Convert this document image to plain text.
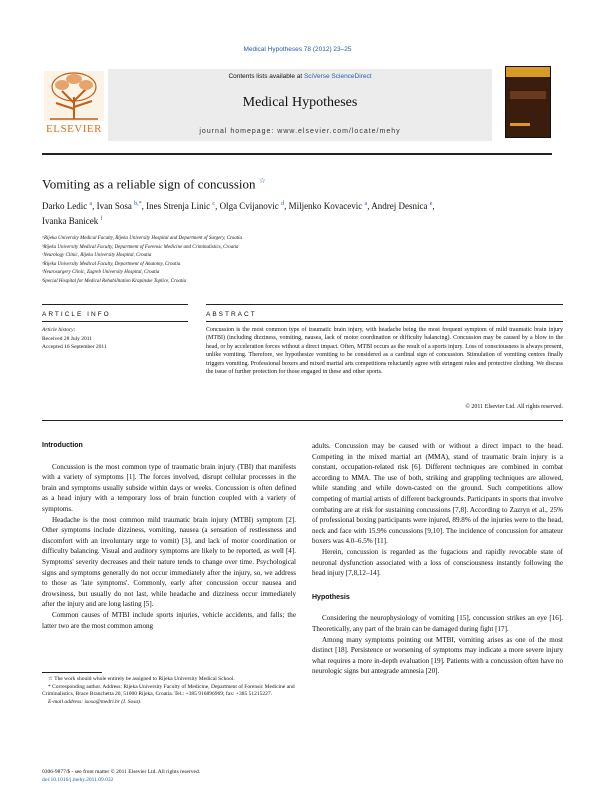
Medical Hypotheses 78 (2012) 23–25
ELSEVIER
Contents lists available at SciVerse ScienceDirect
Medical Hypotheses
journal homepage: www.elsevier.com/locate/mehy
Vomiting as a reliable sign of concussion ☆
Darko Ledic $^a$, Ivan Sosa $^{b,*}$, Ines Strenja Linic $^c$, Olga Cvijanovic $^d$, Miljenko Kovacevic $^a$, Andrej Desnica $^e$,
Ivanka Banicek $^f$
ᵃRijeka University Medical Faculty, Rijeka University Hospital and Department of Surgery, Croatia
ᵇRijeka University Medical Faculty, Department of Forensic Medicine and Criminalistics, Croatia
ᶜNeurology Clinic, Rijeka University Hospital, Croatia
ᵈRijeka University Medical Faculty, Department of Anatomy, Croatia
ᵉNeurosurgery Clinic, Zagreb University Hospital, Croatia
ᶠSpecial Hospital for Medical Rehabilitation Krapinske Toplice, Croatia
ARTICLE INFO	ABSTRACT
Article history:
Received 28 July 2011
Accepted 16 September 2011
Concussion is the most common type of traumatic brain injury, with headache being the most frequent symptom of mild traumatic brain injury (MTBI) (including dizziness, vomiting, nausea, lack of motor coordination or difficulty balancing). Concussion may be caused by a blow to the head, or by acceleration forces without a direct impact. Often, MTBI occurs as the result of a sports injury. Loss of consciousness is always present, unlike vomiting. Therefore, we hypothesize vomiting to be considered as a cardinal sign of concussion. Stimulation of vomiting centres finally triggers vomiting. Professional boxers and mixed martial arts competitions reluctantly agree with stringent rules and protective clothing. We discuss the issue of further protection for those engaged in these and other sports.
© 2011 Elsevier Ltd. All rights reserved.

Introduction

Concussion is the most common type of traumatic brain injury (TBI) that manifests with a variety of symptoms [1]. The forces involved, disrupt cellular processes in the brain and symptoms usually subside within days or weeks. Concussion is often defined as a head injury with a temporary loss of brain function coupled with a variety of symptoms.

Headache is the most common mild traumatic brain injury (MTBI) symptom [2]. Other symptoms include dizziness, vomiting, nausea (a sensation of restlessness and discomfort with an involuntary urge to vomit) [3], and lack of motor coordination or difficulty balancing. Visual and auditory symptoms are likely to be reported, as well [4]. Symptoms' severity decreases and their nature tends to change over time. Psychological signs and symptoms generally do not occur immediately after the injury, so, we address to those as 'late symptoms'. Commonly, early after concussion occur nausea and drowsiness, but usually do not last, while headache and dizziness occur immediately after the injury and are long lasting [5].

Common causes of MTBI include sports injuries, vehicle accidents, and falls; the latter two are the most common among

adults. Concussion may be caused with or without a direct impact to the head. Competing in the mixed martial art (MMA), stand of traumatic brain injury is a constant, occupation-related risk [6]. Different techniques are combined in combat according to MMA. The use of both, striking and grappling techniques are allowed, while standing and while down-casted on the ground. Such competitions allow competing of martial artists of different backgrounds. Participants in sports that involve combating are at risk for sustaining concussions [7,8]. According to Zazryn et al., 25% of professional boxing participants were injured, 89.8% of the injuries were to the head, neck and face with 15.9% concussions [9,10]. The incidence of concussion for amateur boxers was 4.0–6.5% [11].

Herein, concussion is regarded as the fugacious and rapidly revocable state of neuronal dysfunction associated with a loss of consciousness instantly following the head injury [7,8,12–14].

Hypothesis

Considering the neurophysiology of vomiting [15], concussion strikes an eye [16]. Theoretically, any part of the brain can be damaged during fight [17].

Among many symptoms pointing out MTBI, vomiting arises as one of the most distinct [18]. Persistence or worsening of symptoms may indicate a more severe injury what requires a more in-depth evaluation [19]. Patients with a concussion often have no neurologic signs but antegrade amnesia [20].

☆ The work should whole entirely be assigned to Rijeka University Medical School.

* Corresponding author. Address: Rijeka University Faculty of Medicine, Department of Forensic Medicine and Criminalistics, Brace Branchetta 20, 51000 Rijeka, Croatia. Tel.: +385 916896969; fax: +385 51215227.

E-mail address: isosa@medri.hr (I. Sosa).

0306-9877/$ - see front matter © 2011 Elsevier Ltd. All rights reserved.
doi:10.1016/j.mehy.2011.09.032
